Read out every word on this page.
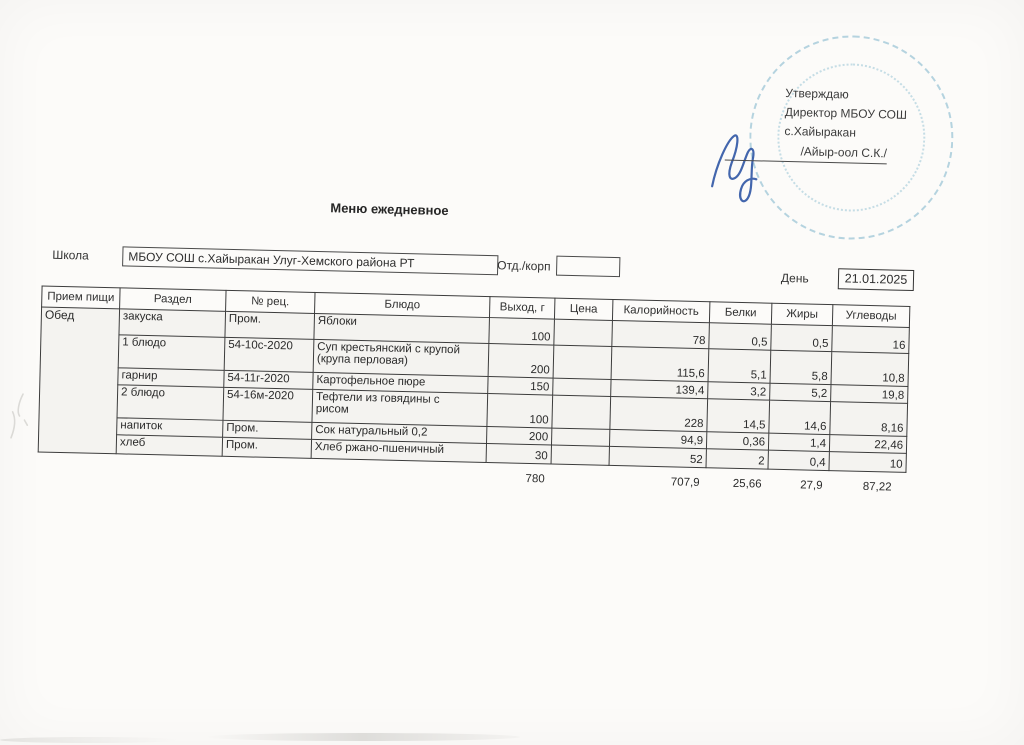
Утверждаю
Директор МБОУ СОШ
с.Хайыракан
/Айыр-оол С.К./
Меню ежедневное
Школа	МБОУ СОШ с.Хайыракан Улуг-Хемского района РТ	Отд./корп
День	21.01.2025
Прием пищи	Раздел	№ рец.	Блюдо	Выход, г	Цена	Калорийность	Белки	Жиры	Углеводы
Обед	закуска	Пром.	Яблоки	100		78	0,5	0,5	16
	1 блюдо	54-10с-2020	Суп крестьянский с крупой
(крупа перловая)	200		115,6	5,1	5,8	10,8
	гарнир	54-11г-2020	Картофельное пюре	150		139,4	3,2	5,2	19,8
	2 блюдо	54-16м-2020	Тефтели из говядины с
рисом	100		228	14,5	14,6	8,16
	напиток	Пром.	Сок натуральный 0,2	200		94,9	0,36	1,4	22,46
	хлеб	Пром.	Хлеб ржано-пшеничный	30		52	2	0,4	10
				780		707,9	25,66	27,9	87,22
